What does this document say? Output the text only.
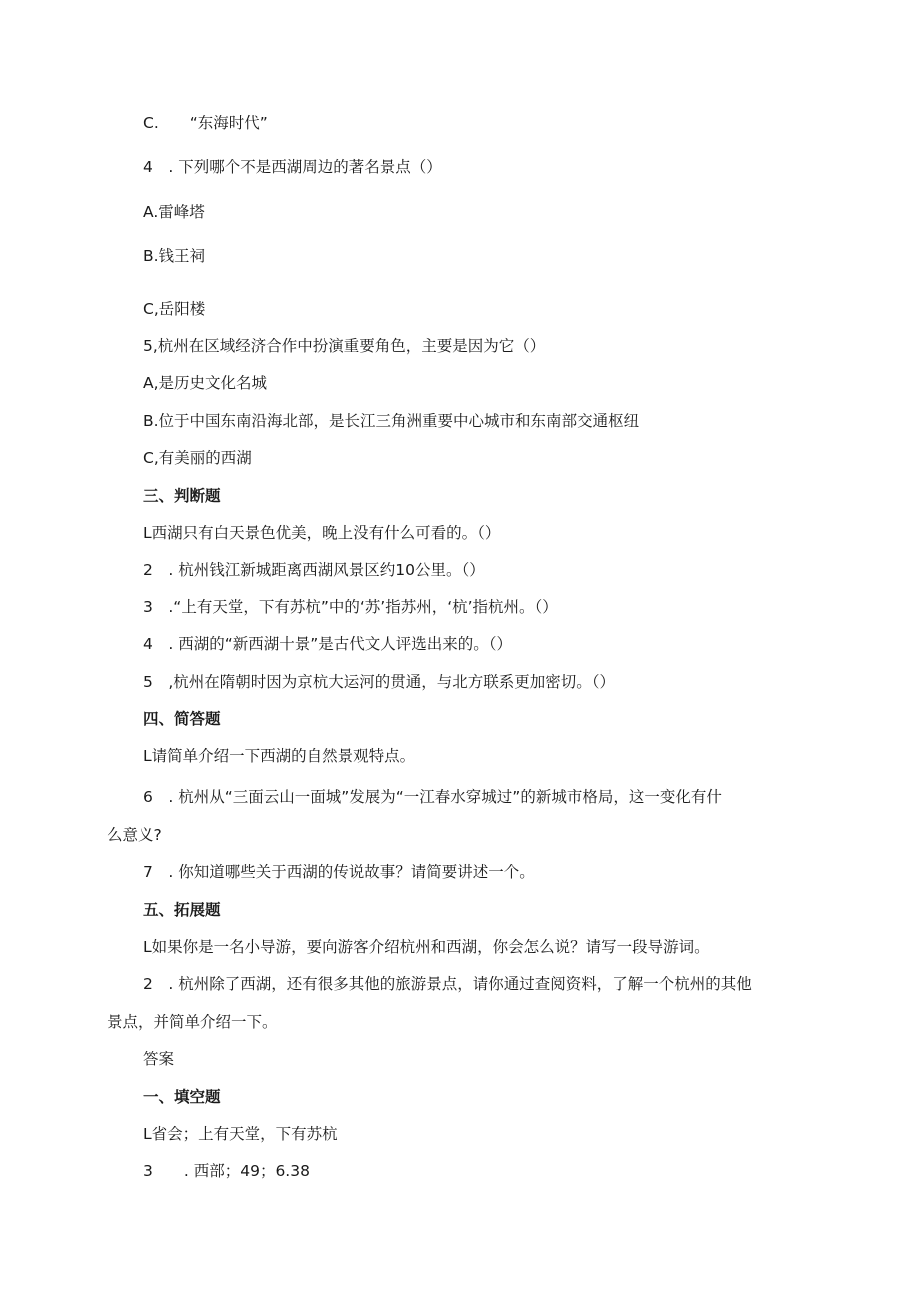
C.　　“东海时代”
4　. 下列哪个不是西湖周边的著名景点（）
A.雷峰塔
B.钱王祠
C,岳阳楼
5,杭州在区域经济合作中扮演重要角色，主要是因为它（）
A,是历史文化名城
B.位于中国东南沿海北部，是长江三角洲重要中心城市和东南部交通枢纽
C,有美丽的西湖
三、判断题
L西湖只有白天景色优美，晚上没有什么可看的。（）
2　. 杭州钱江新城距离西湖风景区约10公里。（）
3　.“上有天堂，下有苏杭”中的‘苏’指苏州，‘杭’指杭州。（）
4　. 西湖的“新西湖十景”是古代文人评选出来的。（）
5　,杭州在隋朝时因为京杭大运河的贯通，与北方联系更加密切。（）
四、简答题
L请简单介绍一下西湖的自然景观特点。
6　. 杭州从“三面云山一面城”发展为“一江春水穿城过”的新城市格局，这一变化有什
么意义?
7　. 你知道哪些关于西湖的传说故事？请简要讲述一个。
五、拓展题
L如果你是一名小导游，要向游客介绍杭州和西湖，你会怎么说？请写一段导游词。
2　. 杭州除了西湖，还有很多其他的旅游景点，请你通过查阅资料，了解一个杭州的其他
景点，并简单介绍一下。
答案
一、填空题
L省会；上有天堂，下有苏杭
3　　. 西部；49；6.38
